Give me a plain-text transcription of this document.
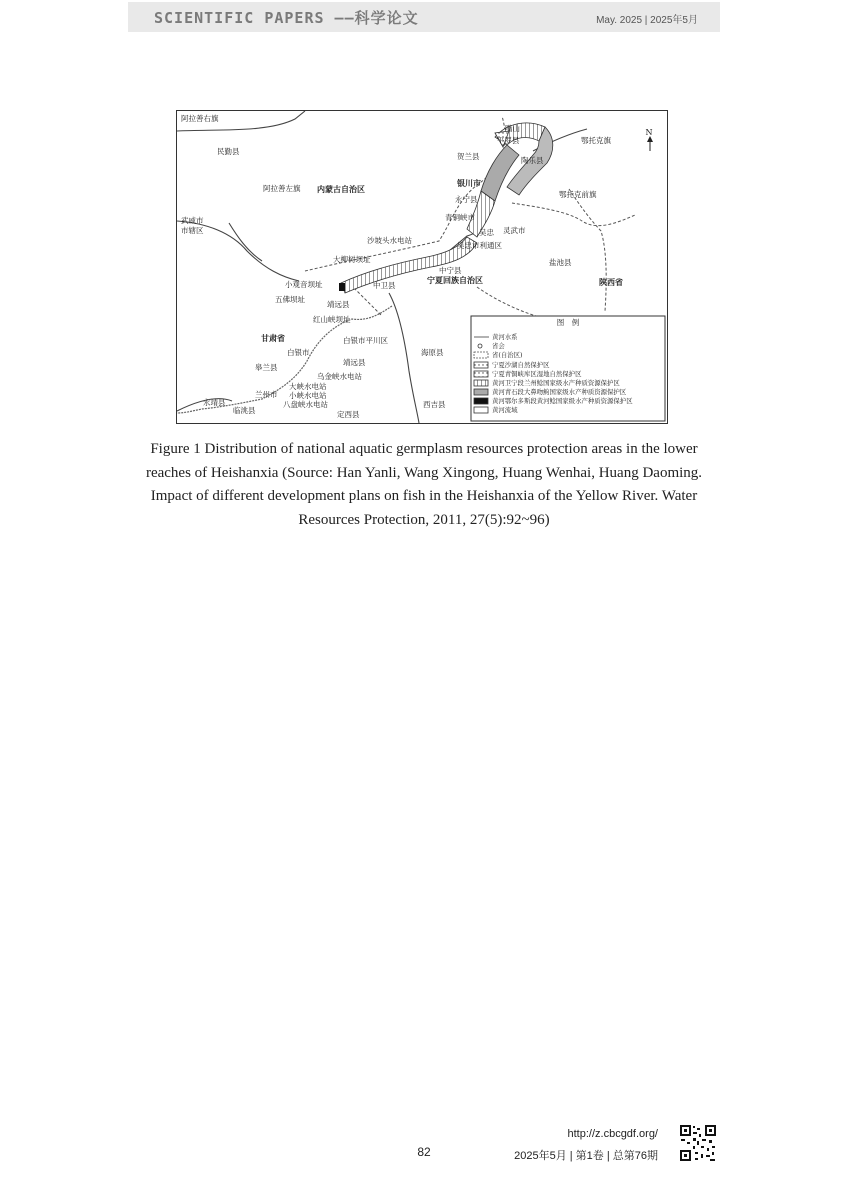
SCIENTIFIC PAPERS ——科学论文	May. 2025 | 2025年5月
N
阿拉善右旗
民勤县
阿拉善左旗 内蒙古自治区
武威市
市辖区
鄂托克旗
鄂托克前旗
嘴山
平罗县
贺兰县	陶乐县
银川市
永宁县
青铜峡市
吴忠 灵武市
沙坡头水电站
吴忠市利通区
盐池县
大柳树坝址
中宁县
中卫县
宁夏回族自治区	陕西省
小观音坝址
五佛坝址
靖远县
红山峡坝址
甘肃省
白银市
白银市平川区
皋兰县
靖远县
海原县
乌金峡水电站
大峡水电站
兰州市 小峡水电站
八盘峡水电站
永靖县
临洮县	定西县
西吉县
图　例
黄河水系
省会
省(自治区)
宁夏沙湖自然保护区
宁夏青铜峡库区湿地自然保护区
黄河卫宁段兰州鲶国家级水产种质资源保护区
黄河青石段大鼻吻鮈国家级水产种质资源保护区
黄河鄂尔多斯段黄河鲶国家级水产种质资源保护区
黄河流域
Figure 1 Distribution of national aquatic germplasm resources protection areas in the lower reaches of Heishanxia (Source: Han Yanli, Wang Xingong, Huang Wenhai, Huang Daoming. Impact of different development plans on fish in the Heishanxia of the Yellow River. Water Resources Protection, 2011, 27(5):92~96)
http://z.cbcgdf.org/
2025年5月 | 第1卷 | 总第76期
82
